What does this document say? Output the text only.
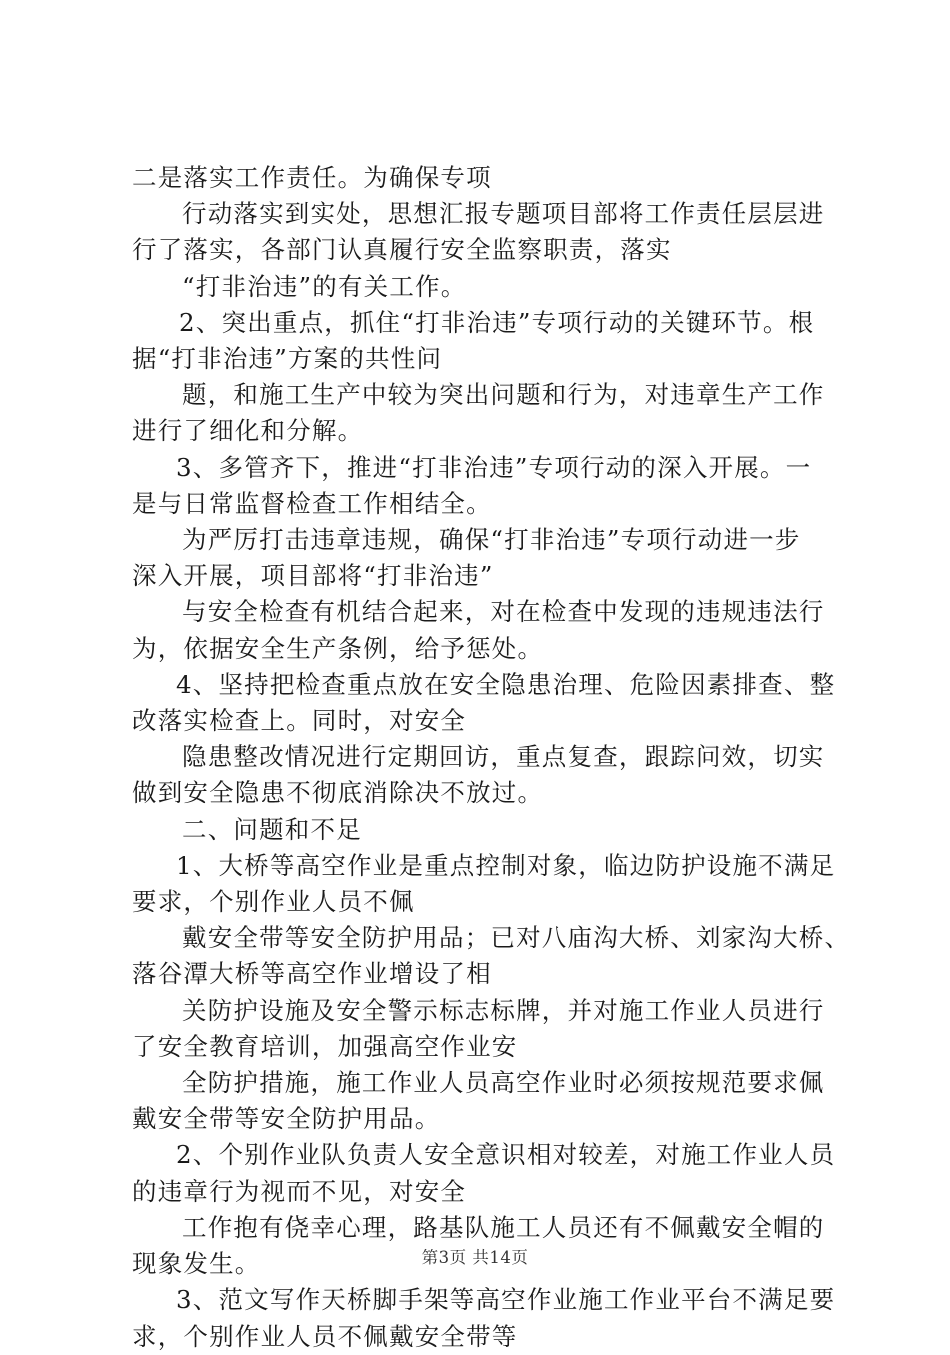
二是落实工作责任。为确保专项
行动落实到实处，思想汇报专题项目部将工作责任层层进
行了落实，各部门认真履行安全监察职责，落实
“打非治违”的有关工作。
2、突出重点，抓住“打非治违”专项行动的关键环节。根
据“打非治违”方案的共性问
题，和施工生产中较为突出问题和行为，对违章生产工作
进行了细化和分解。
3、多管齐下，推进“打非治违”专项行动的深入开展。一
是与日常监督检查工作相结全。
为严厉打击违章违规，确保“打非治违”专项行动进一步
深入开展，项目部将“打非治违”
与安全检查有机结合起来，对在检查中发现的违规违法行
为，依据安全生产条例，给予惩处。
4、坚持把检查重点放在安全隐患治理、危险因素排查、整
改落实检查上。同时，对安全
隐患整改情况进行定期回访，重点复查，跟踪问效，切实
做到安全隐患不彻底消除决不放过。
二、问题和不足
1、大桥等高空作业是重点控制对象，临边防护设施不满足
要求，个别作业人员不佩
戴安全带等安全防护用品；已对八庙沟大桥、刘家沟大桥、
落谷潭大桥等高空作业增设了相
关防护设施及安全警示标志标牌，并对施工作业人员进行
了安全教育培训，加强高空作业安
全防护措施，施工作业人员高空作业时必须按规范要求佩
戴安全带等安全防护用品。
2、个别作业队负责人安全意识相对较差，对施工作业人员
的违章行为视而不见，对安全
工作抱有侥幸心理，路基队施工人员还有不佩戴安全帽的
现象发生。
3、范文写作天桥脚手架等高空作业施工作业平台不满足要
求，个别作业人员不佩戴安全带等
第3页 共14页
